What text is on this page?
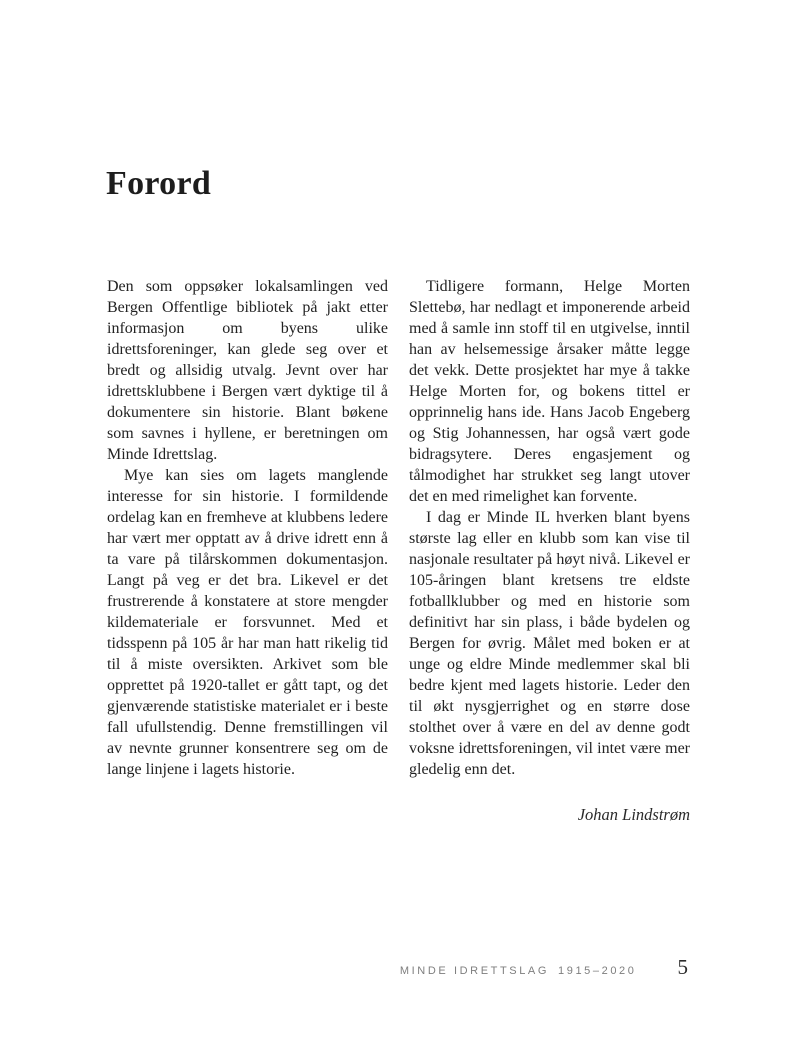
Forord

Den som oppsøker lokalsamlingen ved Bergen Offentlige bibliotek på jakt etter informasjon om byens ulike idrettsforeninger, kan glede seg over et bredt og allsidig utvalg. Jevnt over har idrettsklubbene i Bergen vært dyktige til å dokumentere sin historie. Blant bøkene som savnes i hyllene, er beretningen om Minde Idrettslag.

Mye kan sies om lagets manglende interesse for sin historie. I formildende ordelag kan en fremheve at klubbens ledere har vært mer opptatt av å drive idrett enn å ta vare på tilårskommen dokumentasjon. Langt på veg er det bra. Likevel er det frustrerende å konstatere at store mengder kildemateriale er forsvunnet. Med et tidsspenn på 105 år har man hatt rikelig tid til å miste oversikten. Arkivet som ble opprettet på 1920-tallet er gått tapt, og det gjenværende statistiske materialet er i beste fall ufullstendig. Denne fremstillingen vil av nevnte grunner konsentrere seg om de lange linjene i lagets historie.

Tidligere formann, Helge Morten Slettebø, har nedlagt et imponerende arbeid med å samle inn stoff til en utgivelse, inntil han av helsemessige årsaker måtte legge det vekk. Dette prosjektet har mye å takke Helge Morten for, og bokens tittel er opprinnelig hans ide. Hans Jacob Engeberg og Stig Johannessen, har også vært gode bidragsytere. Deres engasjement og tålmodighet har strukket seg langt utover det en med rimelighet kan forvente.

I dag er Minde IL hverken blant byens største lag eller en klubb som kan vise til nasjonale resultater på høyt nivå. Likevel er 105-åringen blant kretsens tre eldste fotballklubber og med en historie som definitivt har sin plass, i både bydelen og Bergen for øvrig. Målet med boken er at unge og eldre Minde medlemmer skal bli bedre kjent med lagets historie. Leder den til økt nysgjerrighet og en større dose stolthet over å være en del av denne godt voksne idrettsforeningen, vil intet være mer gledelig enn det.

Johan Lindstrøm

MINDE IDRETTSLAG 1915–2020 5
